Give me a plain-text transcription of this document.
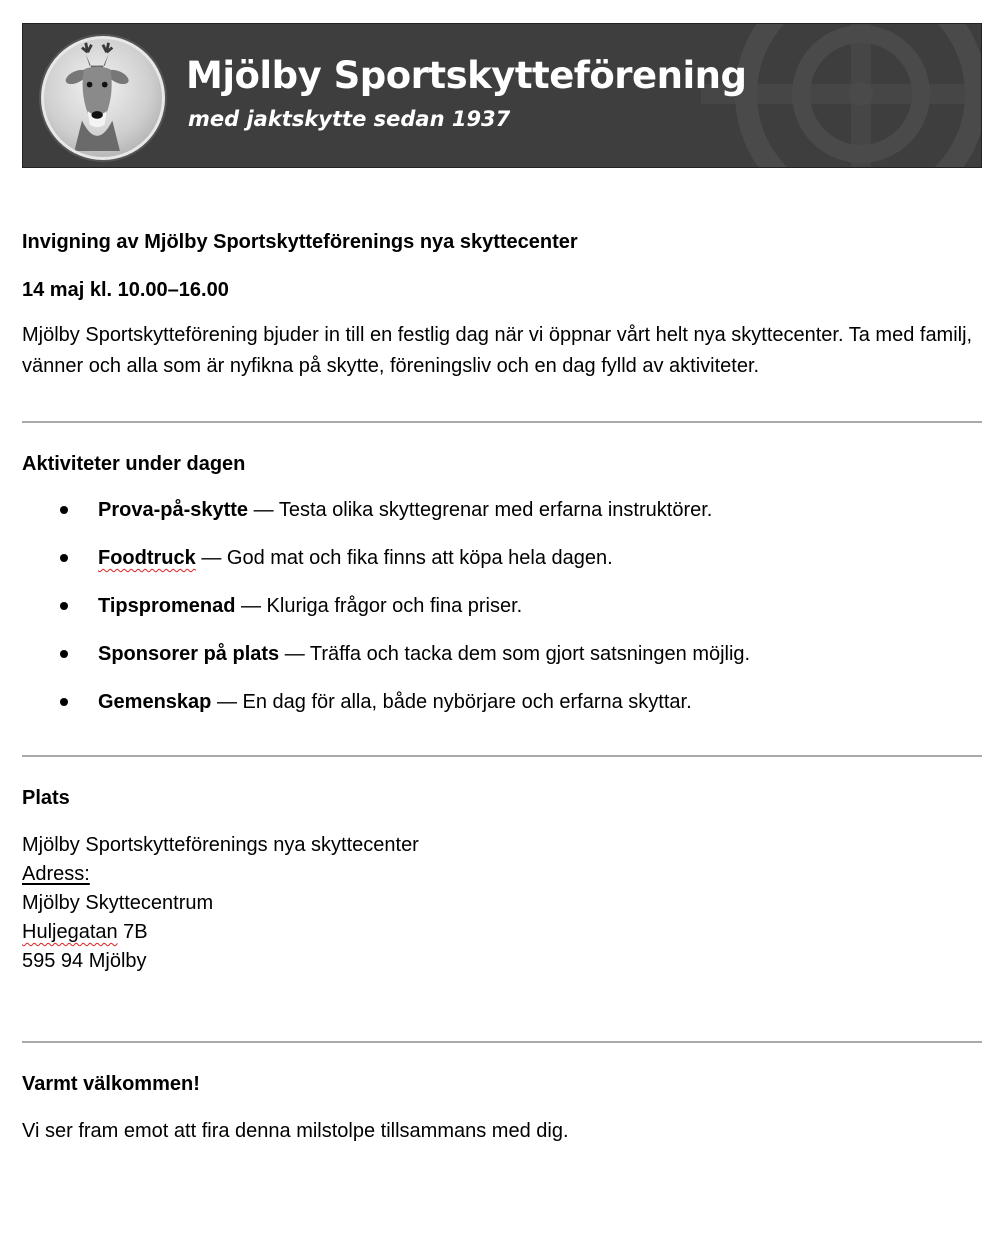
Mjölby Sportskytteförening
med jaktskytte sedan 1937
Invigning av Mjölby Sportskytteförenings nya skyttecenter
14 maj kl. 10.00–16.00
Mjölby Sportskytteförening bjuder in till en festlig dag när vi öppnar vårt helt nya skyttecenter. Ta med familj, vänner och alla som är nyfikna på skytte, föreningsliv och en dag fylld av aktiviteter.
Aktiviteter under dagen
Prova-på-skytte — Testa olika skyttegrenar med erfarna instruktörer.
Foodtruck — God mat och fika finns att köpa hela dagen.
Tipspromenad — Kluriga frågor och fina priser.
Sponsorer på plats — Träffa och tacka dem som gjort satsningen möjlig.
Gemenskap — En dag för alla, både nybörjare och erfarna skyttar.
Plats
Mjölby Sportskytteförenings nya skyttecenter
Adress:
Mjölby Skyttecentrum
Huljegatan 7B
595 94 Mjölby
Varmt välkommen!
Vi ser fram emot att fira denna milstolpe tillsammans med dig.
